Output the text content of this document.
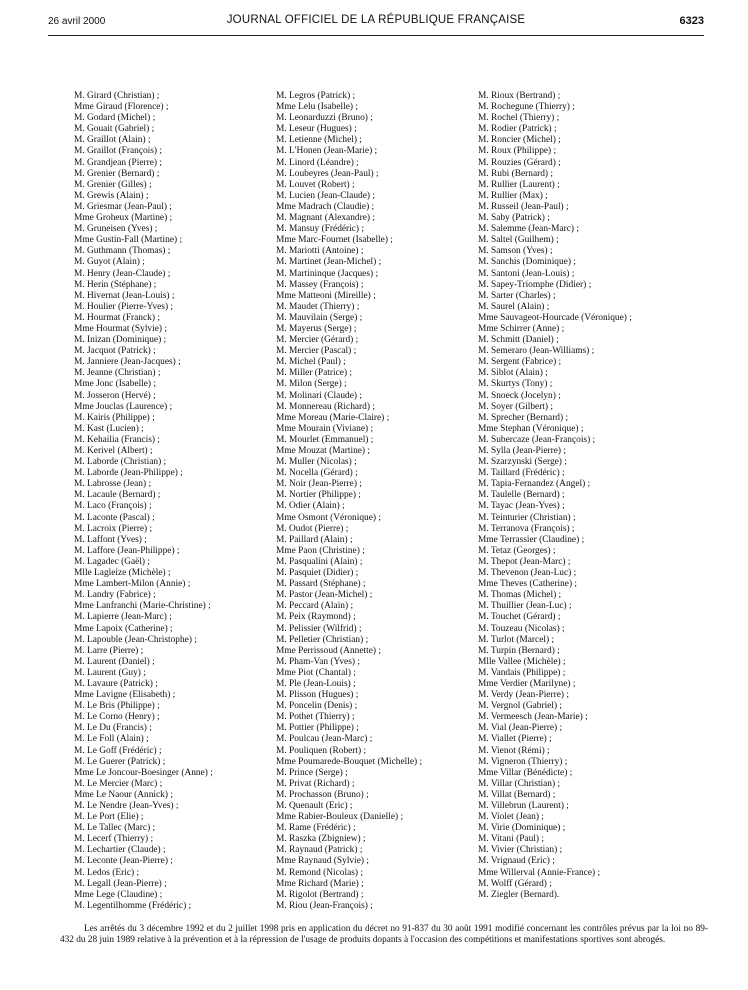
26 avril 2000	JOURNAL OFFICIEL DE LA RÉPUBLIQUE FRANÇAISE	6323
M. Girard (Christian) ;
Mme Giraud (Florence) ;
M. Godard (Michel) ;
M. Gouait (Gabriel) ;
M. Graillot (Alain) ;
M. Graillot (François) ;
M. Grandjean (Pierre) ;
M. Grenier (Bernard) ;
M. Grenier (Gilles) ;
M. Grewis (Alain) ;
M. Griesmar (Jean-Paul) ;
Mme Groheux (Martine) ;
M. Gruneisen (Yves) ;
Mme Gustin-Fall (Martine) ;
M. Guthmann (Thomas) ;
M. Guyot (Alain) ;
M. Henry (Jean-Claude) ;
M. Herin (Stéphane) ;
M. Hivernat (Jean-Louis) ;
M. Houlier (Pierre-Yves) ;
M. Hourmat (Franck) ;
Mme Hourmat (Sylvie) ;
M. Inizan (Dominique) ;
M. Jacquot (Patrick) ;
M. Janniere (Jean-Jacques) ;
M. Jeanne (Christian) ;
Mme Jonc (Isabelle) ;
M. Josseron (Hervé) ;
Mme Jouclas (Laurence) ;
M. Kairis (Philippe) ;
M. Kast (Lucien) ;
M. Kehailia (Francis) ;
M. Kerivel (Albert) ;
M. Laborde (Christian) ;
M. Laborde (Jean-Philippe) ;
M. Labrosse (Jean) ;
M. Lacaule (Bernard) ;
M. Laco (François) ;
M. Laconte (Pascal) ;
M. Lacroix (Pierre) ;
M. Laffont (Yves) ;
M. Laffore (Jean-Philippe) ;
M. Lagadec (Gaël) ;
Mlle Lagleize (Michèle) ;
Mme Lambert-Milon (Annie) ;
M. Landry (Fabrice) ;
Mme Lanfranchi (Marie-Christine) ;
M. Lapierre (Jean-Marc) ;
Mme Lapoix (Catherine) ;
M. Lapouble (Jean-Christophe) ;
M. Larre (Pierre) ;
M. Laurent (Daniel) ;
M. Laurent (Guy) ;
M. Lavaure (Patrick) ;
Mme Lavigne (Elisabeth) ;
M. Le Bris (Philippe) ;
M. Le Corno (Henry) ;
M. Le Du (Francis) ;
M. Le Foll (Alain) ;
M. Le Goff (Frédéric) ;
M. Le Guerer (Patrick) ;
Mme Le Joncour-Boesinger (Anne) ;
M. Le Mercier (Marc) ;
Mme Le Naour (Annick) ;
M. Le Nendre (Jean-Yves) ;
M. Le Port (Elie) ;
M. Le Tallec (Marc) ;
M. Lecerf (Thierry) ;
M. Lechartier (Claude) ;
M. Leconte (Jean-Pierre) ;
M. Ledos (Eric) ;
M. Legall (Jean-Pierre) ;
Mme Lege (Claudine) ;
M. Legentilhomme (Frédéric) ;
M. Legros (Patrick) ;
Mme Lelu (Isabelle) ;
M. Leonarduzzi (Bruno) ;
M. Leseur (Hugues) ;
M. Letienne (Michel) ;
M. L'Honen (Jean-Marie) ;
M. Linord (Léandre) ;
M. Loubeyres (Jean-Paul) ;
M. Louvet (Robert) ;
M. Lucien (Jean-Claude) ;
Mme Madrach (Claudie) ;
M. Magnant (Alexandre) ;
M. Mansuy (Frédéric) ;
Mme Marc-Fournet (Isabelle) ;
M. Mariotti (Antoine) ;
M. Martinet (Jean-Michel) ;
M. Martininque (Jacques) ;
M. Massey (François) ;
Mme Matteoni (Mireille) ;
M. Maudet (Thierry) ;
M. Mauvilain (Serge) ;
M. Mayerus (Serge) ;
M. Mercier (Gérard) ;
M. Mercier (Pascal) ;
M. Michel (Paul) ;
M. Miller (Patrice) ;
M. Milon (Serge) ;
M. Molinari (Claude) ;
M. Monnereau (Richard) ;
Mme Moreau (Marie-Claire) ;
Mme Mourain (Viviane) ;
M. Mourlet (Emmanuel) ;
Mme Mouzat (Martine) ;
M. Muller (Nicolas) ;
M. Nocella (Gérard) ;
M. Noir (Jean-Pierre) ;
M. Nortier (Philippe) ;
M. Odier (Alain) ;
Mme Osmont (Véronique) ;
M. Oudot (Pierre) ;
M. Paillard (Alain) ;
Mme Paon (Christine) ;
M. Pasqualini (Alain) ;
M. Pasquiet (Didier) ;
M. Passard (Stéphane) ;
M. Pastor (Jean-Michel) ;
M. Peccard (Alain) ;
M. Peix (Raymond) ;
M. Pelissier (Wilfrid) ;
M. Pelletier (Christian) ;
Mme Perrissoud (Annette) ;
M. Pham-Van (Yves) ;
Mme Piot (Chantal) ;
M. Ple (Jean-Louis) ;
M. Plisson (Hugues) ;
M. Poncelin (Denis) ;
M. Pothet (Thierry) ;
M. Pottier (Philippe) ;
M. Poulcau (Jean-Marc) ;
M. Pouliquen (Robert) ;
Mme Poumarede-Bouquet (Michelle) ;
M. Prince (Serge) ;
M. Privat (Richard) ;
M. Prochasson (Bruno) ;
M. Quenault (Eric) ;
Mme Rabier-Bouleux (Danielle) ;
M. Rame (Frédéric) ;
M. Raszka (Zbigniew) ;
M. Raynaud (Patrick) ;
Mme Raynaud (Sylvie) ;
M. Remond (Nicolas) ;
Mme Richard (Marie) ;
M. Rigolot (Bertrand) ;
M. Riou (Jean-François) ;
M. Rioux (Bertrand) ;
M. Rochegune (Thierry) ;
M. Rochel (Thierry) ;
M. Rodier (Patrick) ;
M. Roncier (Michel) ;
M. Roux (Philippe) ;
M. Rouzies (Gérard) ;
M. Rubi (Bernard) ;
M. Rullier (Laurent) ;
M. Rullier (Max) ;
M. Russeil (Jean-Paul) ;
M. Saby (Patrick) ;
M. Salemme (Jean-Marc) ;
M. Saltel (Guilhem) ;
M. Samson (Yves) ;
M. Sanchis (Dominique) ;
M. Santoni (Jean-Louis) ;
M. Sapey-Triomphe (Didier) ;
M. Sarter (Charles) ;
M. Saurel (Alain) ;
Mme Sauvageot-Hourcade (Véronique) ;
Mme Schirrer (Anne) ;
M. Schmitt (Daniel) ;
M. Semeraro (Jean-Williams) ;
M. Sergent (Fabrice) ;
M. Siblot (Alain) ;
M. Skurtys (Tony) ;
M. Snoeck (Jocelyn) ;
M. Soyer (Gilbert) ;
M. Sprecher (Bernard) ;
Mme Stephan (Véronique) ;
M. Subercaze (Jean-François) ;
M. Sylla (Jean-Pierre) ;
M. Szarzynski (Serge) ;
M. Taillard (Frédéric) ;
M. Tapia-Fernandez (Angel) ;
M. Taulelle (Bernard) ;
M. Tayac (Jean-Yves) ;
M. Teinturier (Christian) ;
M. Terranova (François) ;
Mme Terrassier (Claudine) ;
M. Tetaz (Georges) ;
M. Thepot (Jean-Marc) ;
M. Thevenon (Jean-Luc) ;
Mme Theves (Catherine) ;
M. Thomas (Michel) ;
M. Thuillier (Jean-Luc) ;
M. Touchet (Gérard) ;
M. Touzeau (Nicolas) ;
M. Turlot (Marcel) ;
M. Turpin (Bernard) ;
Mlle Vallee (Michèle) ;
M. Vandais (Philippe) ;
Mme Verdier (Marilyne) ;
M. Verdy (Jean-Pierre) ;
M. Vergnol (Gabriel) ;
M. Vermeesch (Jean-Marie) ;
M. Vial (Jean-Pierre) ;
M. Viallet (Pierre) ;
M. Vienot (Rémi) ;
M. Vigneron (Thierry) ;
Mme Villar (Bénédicte) ;
M. Villar (Christian) ;
M. Villat (Bernard) ;
M. Villebrun (Laurent) ;
M. Violet (Jean) ;
M. Virie (Dominique) ;
M. Vitani (Paul) ;
M. Vivier (Christian) ;
M. Vrignaud (Eric) ;
Mme Willerval (Annie-France) ;
M. Wolff (Gérard) ;
M. Ziegler (Bernard).
Les arrêtés du 3 décembre 1992 et du 2 juillet 1998 pris en application du décret no 91-837 du 30 août 1991 modifié concernant les contrôles prévus par la loi no 89-432 du 28 juin 1989 relative à la prévention et à la répression de l'usage de produits dopants à l'occasion des compétitions et manifestations sportives sont abrogés.
